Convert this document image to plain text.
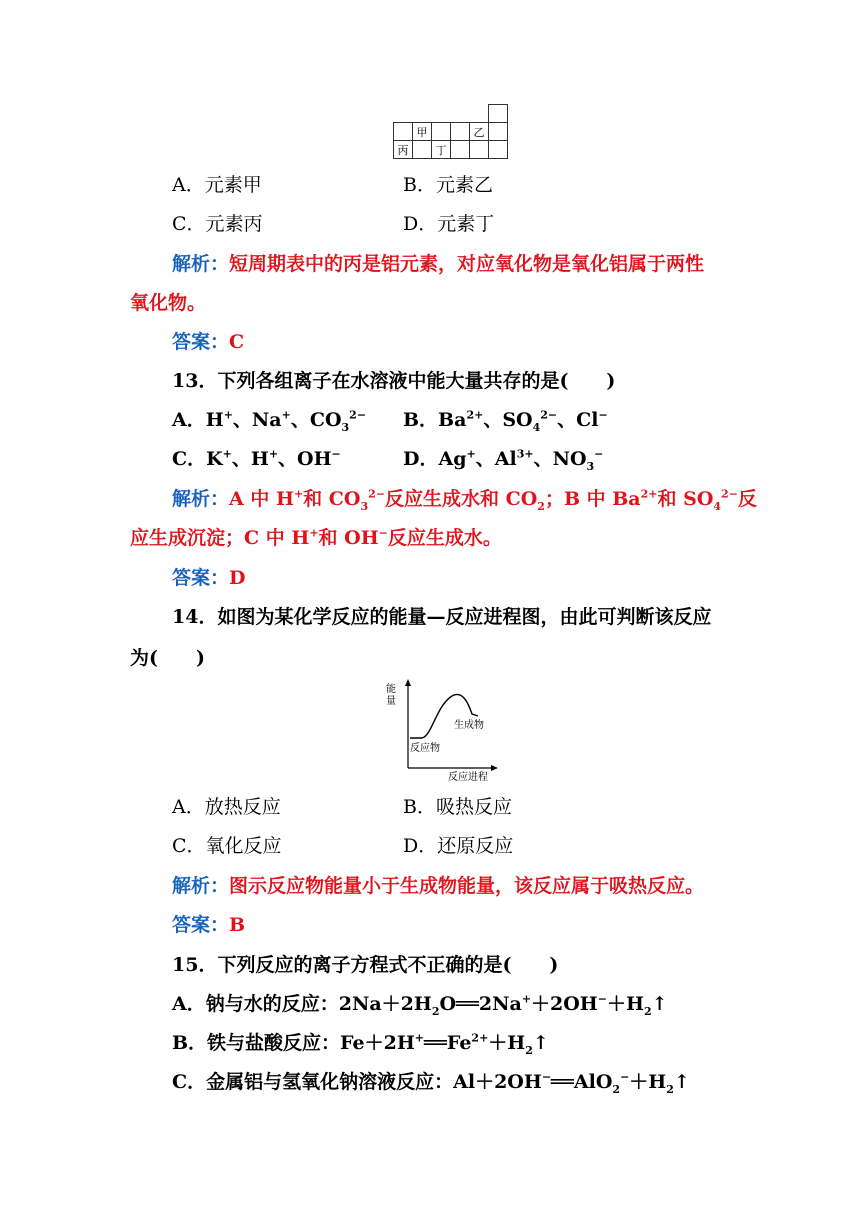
	甲			乙	
丙		丁			
A．元素甲	B．元素乙
C．元素丙	D．元素丁
解析：短周期表中的丙是铝元素，对应氧化物是氧化铝属于两性
氧化物。
答案：C
13．下列各组离子在水溶液中能大量共存的是(　　)
A．H+、Na+、$CO_3^{2-}$ B．$Ba^{2+}$、$SO_4^{2-}$、Cl−
C．K+、H+、OH−	D．Ag+、$Al^{3+}$、$NO_3^-$
解析：A 中 H+和 $CO_3^{2-}$反应生成水和 $CO_2$；B 中 $Ba^{2+}$和 $SO_4^{2-}$反
应生成沉淀；C 中 H+和 OH−反应生成水。
答案：D
14．如图为某化学反应的能量—反应进程图，由此可判断该反应
为(　　)
能
量
生成物
反应物
反应进程
A．放热反应	B．吸热反应
C．氧化反应	D．还原反应
解析：图示反应物能量小于生成物能量，该反应属于吸热反应。
答案：B
15．下列反应的离子方程式不正确的是(　　)
A．钠与水的反应：$2Na+2H_2O══2Na^++2OH^-+H_2↑$
B．铁与盐酸反应：$Fe+2H^+══Fe^{2+}+H_2↑$
C．金属铝与氢氧化钠溶液反应：$Al+2OH^-══AlO_2^-+H_2↑$
